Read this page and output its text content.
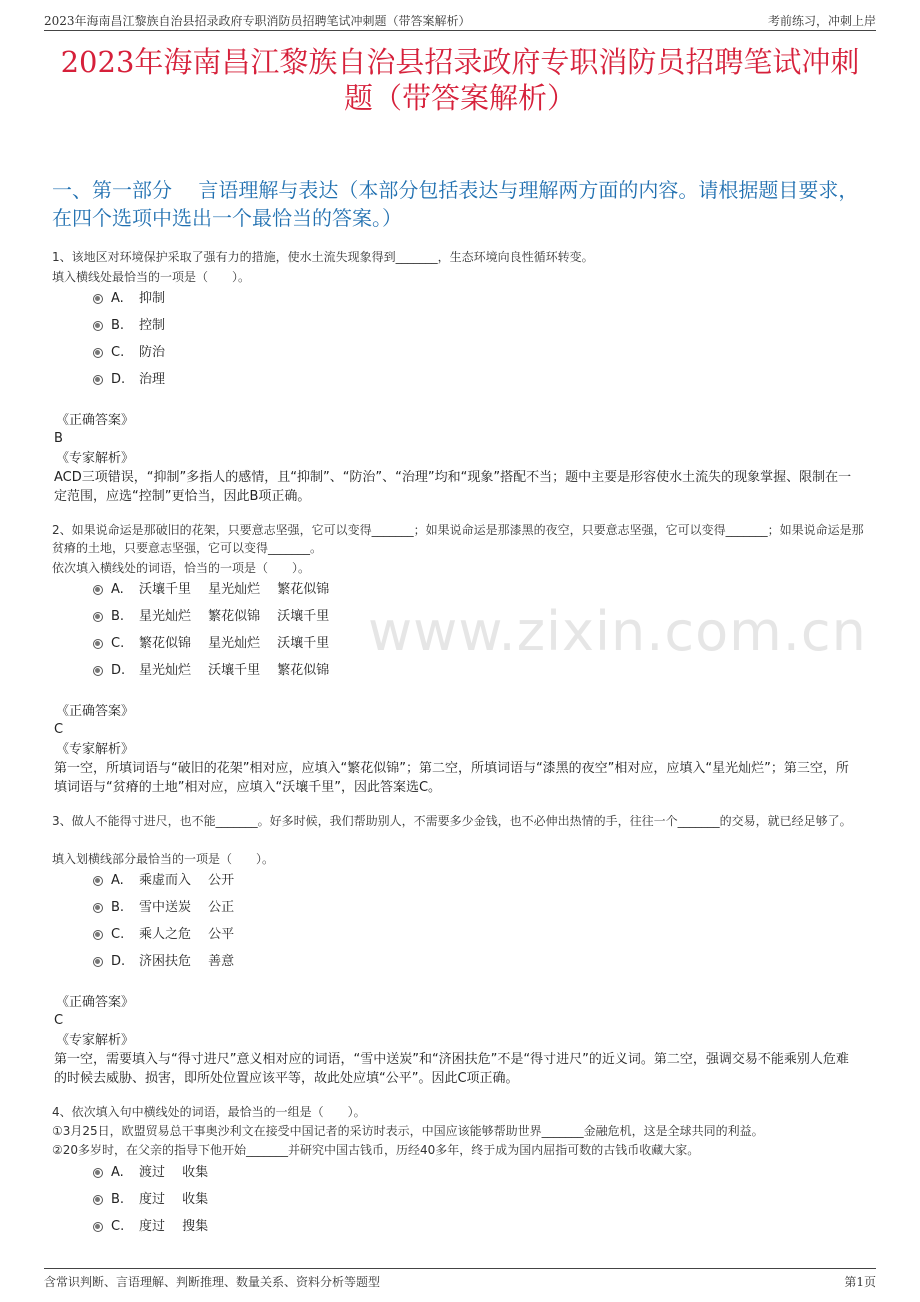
2023年海南昌江黎族自治县招录政府专职消防员招聘笔试冲刺题（带答案解析）	考前练习，冲刺上岸
2023年海南昌江黎族自治县招录政府专职消防员招聘笔试冲刺题（带答案解析）
一、第一部分　 言语理解与表达（本部分包括表达与理解两方面的内容。请根据题目要求，在四个选项中选出一个最恰当的答案。）
www.zixin.com.cn
1、该地区对环境保护采取了强有力的措施，使水土流失现象得到_______，生态环境向良性循环转变。
填入横线处最恰当的一项是（　　）。
A. 抑制
B. 控制
C. 防治
D. 治理
《正确答案》
B
《专家解析》
ACD三项错误，“抑制”多指人的感情，且“抑制”、“防治”、“治理”均和“现象”搭配不当；题中主要是形容使水土流失的现象掌握、限制在一定范围，应选“控制”更恰当，因此B项正确。
2、如果说命运是那破旧的花架，只要意志坚强，它可以变得_______；如果说命运是那漆黑的夜空，只要意志坚强，它可以变得_______；如果说命运是那贫瘠的土地，只要意志坚强，它可以变得_______。
依次填入横线处的词语，恰当的一项是（　　）。
A. 沃壤千里　 星光灿烂　 繁花似锦
B. 星光灿烂　 繁花似锦　 沃壤千里
C. 繁花似锦　 星光灿烂　 沃壤千里
D. 星光灿烂　 沃壤千里　 繁花似锦
《正确答案》
C
《专家解析》
第一空，所填词语与“破旧的花架”相对应，应填入“繁花似锦”；第二空，所填词语与“漆黑的夜空”相对应，应填入“星光灿烂”；第三空，所填词语与“贫瘠的土地”相对应，应填入“沃壤千里”，因此答案选C。
3、做人不能得寸进尺，也不能_______。好多时候，我们帮助别人，不需要多少金钱，也不必伸出热情的手，往往一个_______的交易，就已经足够了。
填入划横线部分最恰当的一项是（　　）。
A. 乘虚而入　 公开
B. 雪中送炭　 公正
C. 乘人之危　 公平
D. 济困扶危　 善意
《正确答案》
C
《专家解析》
第一空，需要填入与“得寸进尺”意义相对应的词语，“雪中送炭”和“济困扶危”不是“得寸进尺”的近义词。第二空，强调交易不能乘别人危难的时候去威胁、损害，即所处位置应该平等，故此处应填“公平”。因此C项正确。
4、依次填入句中横线处的词语，最恰当的一组是（　　）。
①3月25日，欧盟贸易总干事奥沙利文在接受中国记者的采访时表示，中国应该能够帮助世界_______金融危机，这是全球共同的利益。
②20多岁时，在父亲的指导下他开始_______并研究中国古钱币，历经40多年，终于成为国内屈指可数的古钱币收藏大家。
A. 渡过　 收集
B. 度过　 收集
C. 度过　 搜集
含常识判断、言语理解、判断推理、数量关系、资料分析等题型	第1页
